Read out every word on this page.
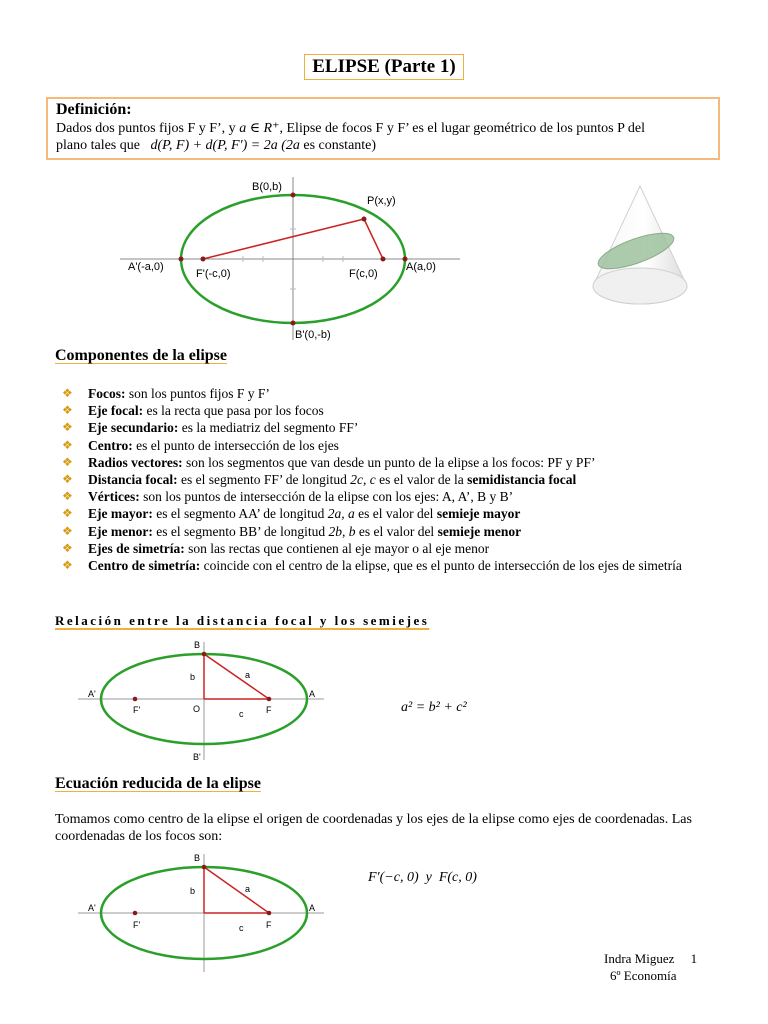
ELIPSE (Parte 1)
Definición:
Dados dos puntos fijos F y F’, y a ∈ R⁺, Elipse de focos F y F’ es el lugar geométrico de los puntos P del
plano tales que d(P, F) + d(P, F′) = 2a (2a es constante)
B(0,b)
P(x,y)
A'(-a,0)
F'(-c,0)	F(c,0)
A(a,0)
B'(0,-b)
Componentes de la elipse
❖ Focos: son los puntos fijos F y F’
❖ Eje focal: es la recta que pasa por los focos
❖ Eje secundario: es la mediatriz del segmento FF’
❖ Centro: es el punto de intersección de los ejes
❖ Radios vectores: son los segmentos que van desde un punto de la elipse a los focos: PF y PF’
❖ Distancia focal: es el segmento FF’ de longitud 2c, c es el valor de la semidistancia focal
❖ Vértices: son los puntos de intersección de la elipse con los ejes: A, A’, B y B’
❖ Eje mayor: es el segmento AA’ de longitud 2a, a es el valor del semieje mayor
❖ Eje menor: es el segmento BB’ de longitud 2b, b es el valor del semieje menor
❖ Ejes de simetría: son las rectas que contienen al eje mayor o al eje menor
❖ Centro de simetría: coincide con el centro de la elipse, que es el punto de intersección de los ejes de simetría
Relación entre la distancia focal y los semiejes
B
B'
A
A'
F
F'	O
a
b
c	a² = b² + c²
Ecuación reducida de la elipse
Tomamos como centro de la elipse el origen de coordenadas y los ejes de la elipse como ejes de coordenadas. Las coordenadas de los focos son:
B
A
A'
F
F'
a
b
c
F′(−c, 0)  y  F(c, 0)
Indra Miguez 1
6º Economía
